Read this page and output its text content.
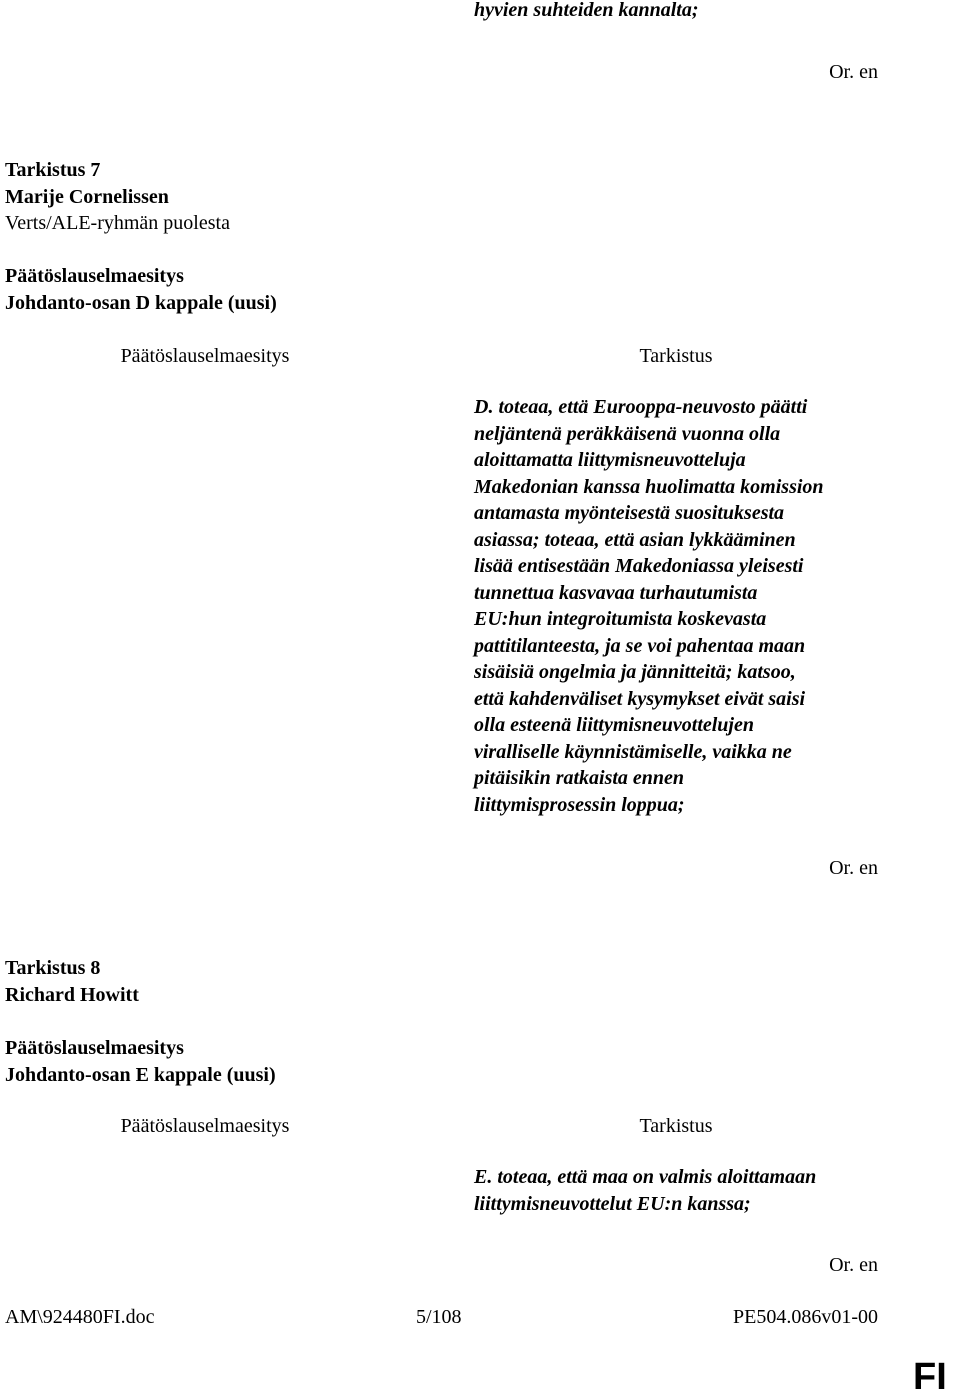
hyvien suhteiden kannalta;
Or. en
Tarkistus 7
Marije Cornelissen
Verts/ALE-ryhmän puolesta
Päätöslauselmaesitys
Johdanto-osan D kappale (uusi)
Päätöslauselmaesitys	Tarkistus
D. toteaa, että Eurooppa-neuvosto päätti
neljäntenä peräkkäisenä vuonna olla
aloittamatta liittymisneuvotteluja
Makedonian kanssa huolimatta komission
antamasta myönteisestä suosituksesta
asiassa; toteaa, että asian lykkääminen
lisää entisestään Makedoniassa yleisesti
tunnettua kasvavaa turhautumista
EU:hun integroitumista koskevasta
pattitilanteesta, ja se voi pahentaa maan
sisäisiä ongelmia ja jännitteitä; katsoo,
että kahdenväliset kysymykset eivät saisi
olla esteenä liittymisneuvottelujen
viralliselle käynnistämiselle, vaikka ne
pitäisikin ratkaista ennen
liittymisprosessin loppua;
Or. en
Tarkistus 8
Richard Howitt
Päätöslauselmaesitys
Johdanto-osan E kappale (uusi)
Päätöslauselmaesitys	Tarkistus
E. toteaa, että maa on valmis aloittamaan
liittymisneuvottelut EU:n kanssa;
Or. en
AM\924480FI.doc	5/108	PE504.086v01-00
FI
